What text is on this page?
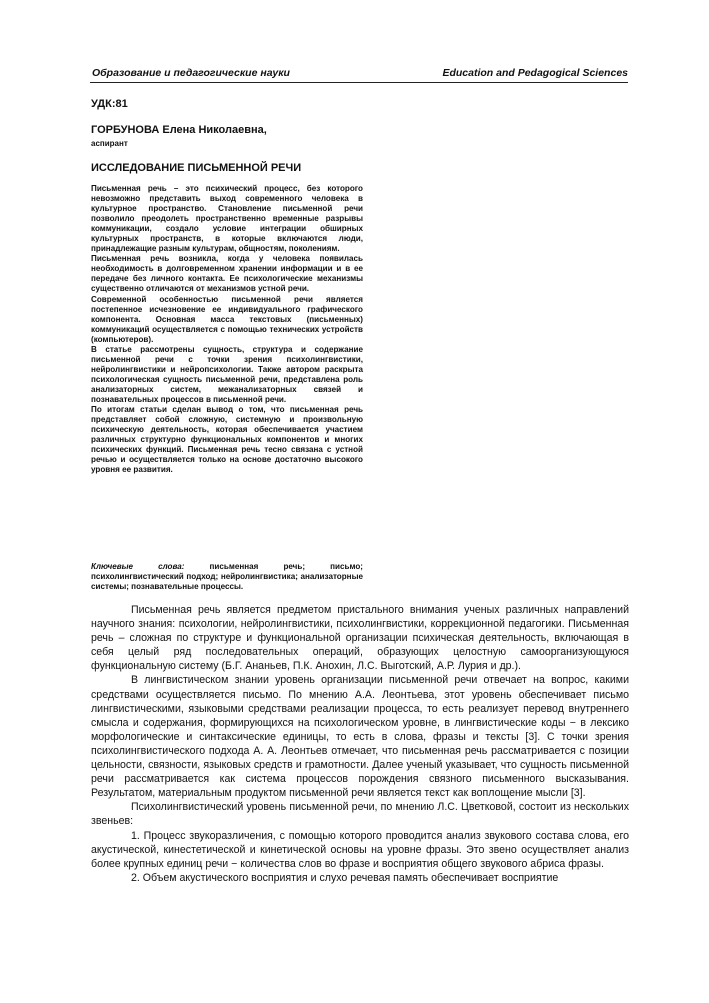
Образование и педагогические науки	Education and Pedagogical Sciences
УДК:81
ГОРБУНОВА Елена Николаевна,
аспирант
ИССЛЕДОВАНИЕ ПИСЬМЕННОЙ РЕЧИ

Письменная речь – это психический процесс, без которого невозможно представить выход современного человека в культурное пространство. Становление письменной речи позволило преодолеть пространственно временные разрывы коммуникации, создало условие интеграции обширных культурных пространств, в которые включаются люди, принадлежащие разным культурам, общностям, поколениям.

Письменная речь возникла, когда у человека появилась необходимость в долговременном хранении информации и в ее передаче без личного контакта. Ее психологические механизмы существенно отличаются от механизмов устной речи.

Современной особенностью письменной речи является постепенное исчезновение ее индивидуального графического компонента. Основная масса текстовых (письменных) коммуникаций осуществляется с помощью технических устройств (компьютеров).

В статье рассмотрены сущность, структура и содержание письменной речи с точки зрения психолингвистики, нейролингвистики и нейропсихологии. Также автором раскрыта психологическая сущность письменной речи, представлена роль анализаторных систем, межанализаторных связей и познавательных процессов в письменной речи.

По итогам статьи сделан вывод о том, что письменная речь представляет собой сложную, системную и произвольную психическую деятельность, которая обеспечивается участием различных структурно функциональных компонентов и многих психических функций. Письменная речь тесно связана с устной речью и осуществляется только на основе достаточно высокого уровня ее развития.

Ключевые слова: письменная речь; письмо; психолингвистический подход; нейролингвистика; анализаторные системы; познавательные процессы.

Письменная речь является предметом пристального внимания ученых различных направлений научного знания: психологии, нейролингвистики, психолингвистики, коррекционной педагогики. Письменная речь – сложная по структуре и функциональной организации психическая деятельность, включающая в себя целый ряд последовательных операций, образующих целостную самоорганизующуюся функциональную систему (Б.Г. Ананьев, П.К. Анохин, Л.С. Выготский, А.Р. Лурия и др.).

В лингвистическом знании уровень организации письменной речи отвечает на вопрос, какими средствами осуществляется письмо. По мнению А.А. Леонтьева, этот уровень обеспечивает письмо лингвистическими, языковыми средствами реализации процесса, то есть реализует перевод внутреннего смысла и содержания, формирующихся на психологическом уровне, в лингвистические коды − в лексико морфологические и синтаксические единицы, то есть в слова, фразы и тексты [3]. С точки зрения психолингвистического подхода А. А. Леонтьев отмечает, что письменная речь рассматривается с позиции цельности, связности, языковых средств и грамотности. Далее ученый указывает, что сущность письменной речи рассматривается как система процессов порождения связного письменного высказывания. Результатом, материальным продуктом письменной речи является текст как воплощение мысли [3].

Психолингвистический уровень письменной речи, по мнению Л.С. Цветковой, состоит из нескольких звеньев:

1. Процесс звукоразличения, с помощью которого проводится анализ звукового состава слова, его акустической, кинестетической и кинетической основы на уровне фразы. Это звено осуществляет анализ более крупных единиц речи − количества слов во фразе и восприятия общего звукового абриса фразы.

2. Объем акустического восприятия и слухо речевая память обеспечивает восприятие
